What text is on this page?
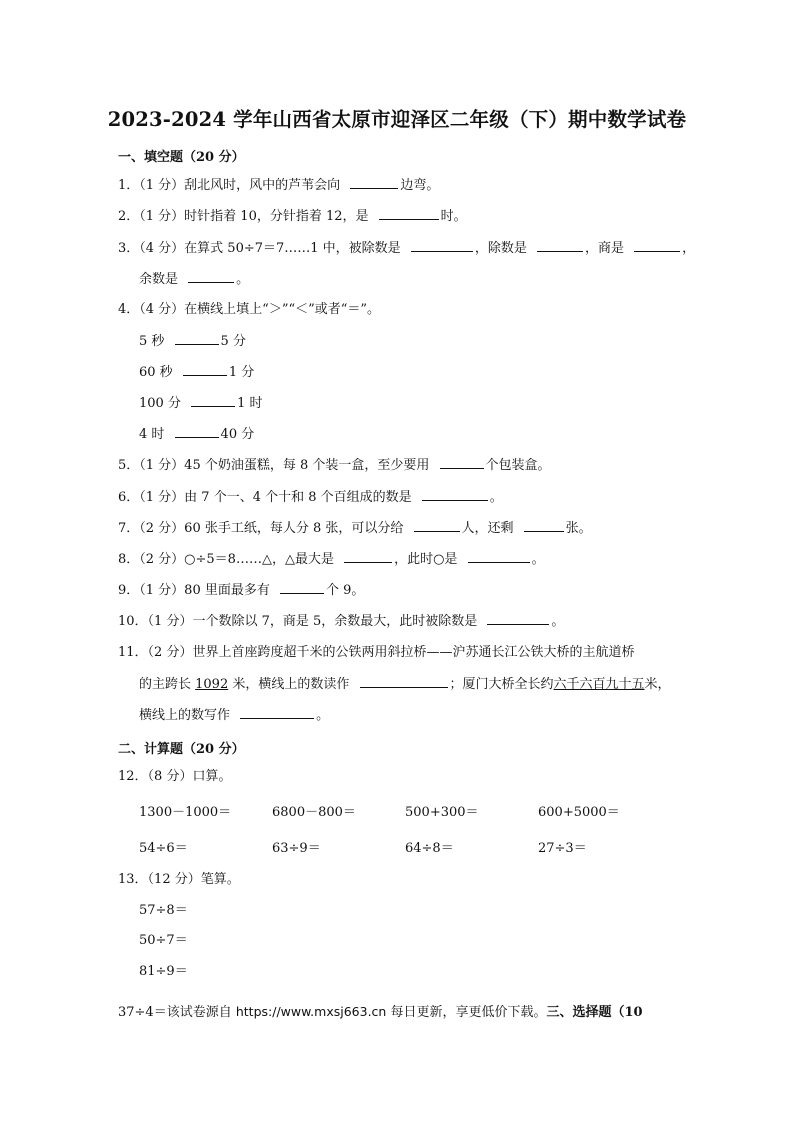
2023-2024 学年山西省太原市迎泽区二年级（下）期中数学试卷
一、填空题（20 分）
1．（1 分）刮北风时，风中的芦苇会向	边弯。
2．（1 分）时针指着 10，分针指着 12，是	时。
3．（4 分）在算式 50÷7＝7……1 中，被除数是	，除数是	，商是	，
余数是	。
4．（4 分）在横线上填上“＞”“＜”或者“＝”。
5 秒	5 分
60 秒	1 分
100 分	1 时
4 时	40 分
5．（1 分）45 个奶油蛋糕，每 8 个装一盒，至少要用	个包装盒。
6．（1 分）由 7 个一、4 个十和 8 个百组成的数是	。
7．（2 分）60 张手工纸，每人分 8 张，可以分给	人，还剩	张。
8．（2 分）○÷5＝8……△，△最大是	，此时○是	。
9．（1 分）80 里面最多有	个 9。
10．（1 分）一个数除以 7，商是 5，余数最大，此时被除数是	。
11．（2 分）世界上首座跨度超千米的公铁两用斜拉桥——沪苏通长江公铁大桥的主航道桥
的主跨长 1092 米，横线上的数读作	；厦门大桥全长约六千六百九十五米，
横线上的数写作	。
二、计算题（20 分）
12．（8 分）口算。
1300－1000＝	6800－800＝	500+300＝	600+5000＝
54÷6＝	63÷9＝	64÷8＝	27÷3＝
13．（12 分）笔算。
57÷8＝
50÷7＝
81÷9＝
37÷4＝该试卷源自 https://www.mxsj663.cn 每日更新，享更低价下载。三、选择题（10
